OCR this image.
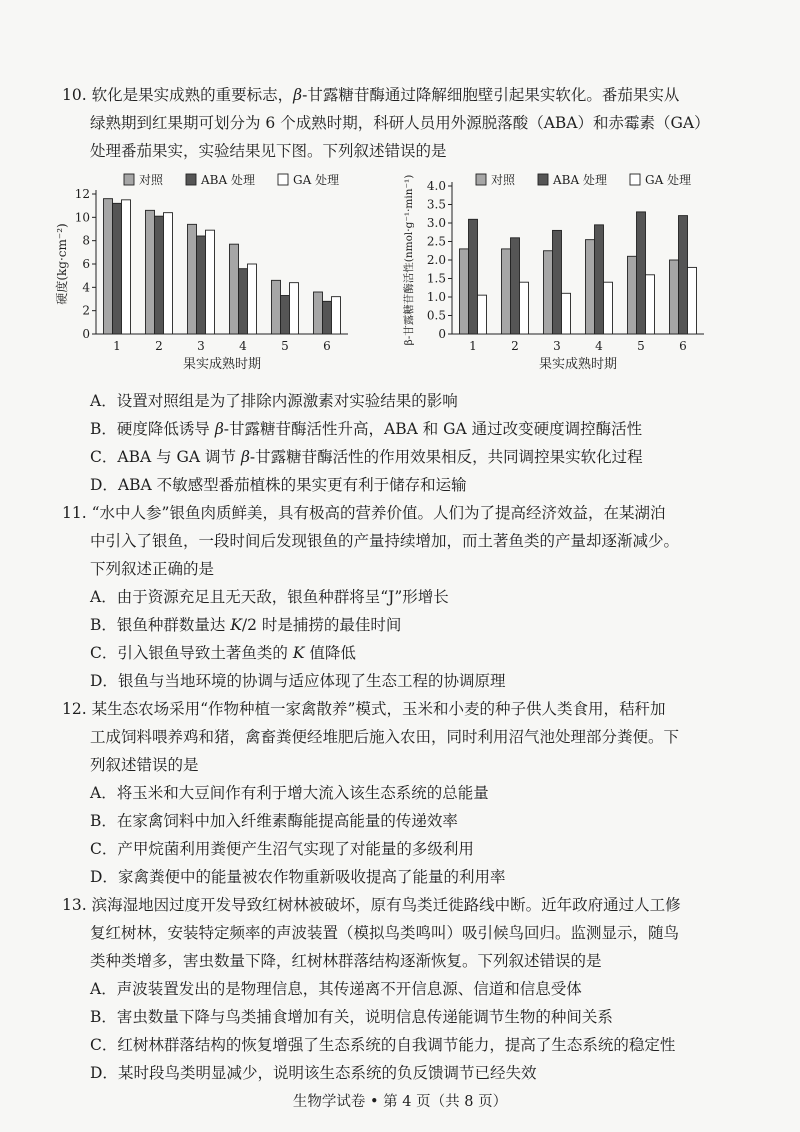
10. 软化是果实成熟的重要标志，β-甘露糖苷酶通过降解细胞壁引起果实软化。番茄果实从
绿熟期到红果期可划分为 6 个成熟时期，科研人员用外源脱落酸（ABA）和赤霉素（GA）
处理番茄果实，实验结果见下图。下列叙述错误的是
0
2
4
6
8
10
12
1	2	3	4	5	6
果实成熟时期
硬度(kg·cm⁻²)
对照	ABA 处理	GA 处理
0
0.5
1.0
1.5
2.0
2.5
3.0
3.5
4.0
1	2	3	4	5	6
果实成熟时期
β-甘露糖苷酶活性(nmol·g⁻¹·min⁻¹)	对照	ABA 处理	GA 处理
A．设置对照组是为了排除内源激素对实验结果的影响
B．硬度降低诱导 β-甘露糖苷酶活性升高，ABA 和 GA 通过改变硬度调控酶活性
C．ABA 与 GA 调节 β-甘露糖苷酶活性的作用效果相反，共同调控果实软化过程
D．ABA 不敏感型番茄植株的果实更有利于储存和运输
11. “水中人参”银鱼肉质鲜美，具有极高的营养价值。人们为了提高经济效益，在某湖泊
中引入了银鱼，一段时间后发现银鱼的产量持续增加，而土著鱼类的产量却逐渐减少。
下列叙述正确的是
A．由于资源充足且无天敌，银鱼种群将呈“J”形增长
B．银鱼种群数量达 K/2 时是捕捞的最佳时间
C．引入银鱼导致土著鱼类的 K 值降低
D．银鱼与当地环境的协调与适应体现了生态工程的协调原理
12. 某生态农场采用“作物种植一家禽散养”模式，玉米和小麦的种子供人类食用，秸秆加
工成饲料喂养鸡和猪，禽畜粪便经堆肥后施入农田，同时利用沼气池处理部分粪便。下
列叙述错误的是
A．将玉米和大豆间作有利于增大流入该生态系统的总能量
B．在家禽饲料中加入纤维素酶能提高能量的传递效率
C．产甲烷菌利用粪便产生沼气实现了对能量的多级利用
D．家禽粪便中的能量被农作物重新吸收提高了能量的利用率
13. 滨海湿地因过度开发导致红树林被破坏，原有鸟类迁徙路线中断。近年政府通过人工修
复红树林，安装特定频率的声波装置（模拟鸟类鸣叫）吸引候鸟回归。监测显示，随鸟
类种类增多，害虫数量下降，红树林群落结构逐渐恢复。下列叙述错误的是
A．声波装置发出的是物理信息，其传递离不开信息源、信道和信息受体
B．害虫数量下降与鸟类捕食增加有关，说明信息传递能调节生物的种间关系
C．红树林群落结构的恢复增强了生态系统的自我调节能力，提高了生态系统的稳定性
D．某时段鸟类明显减少，说明该生态系统的负反馈调节已经失效
生物学试卷 • 第 4 页（共 8 页）
